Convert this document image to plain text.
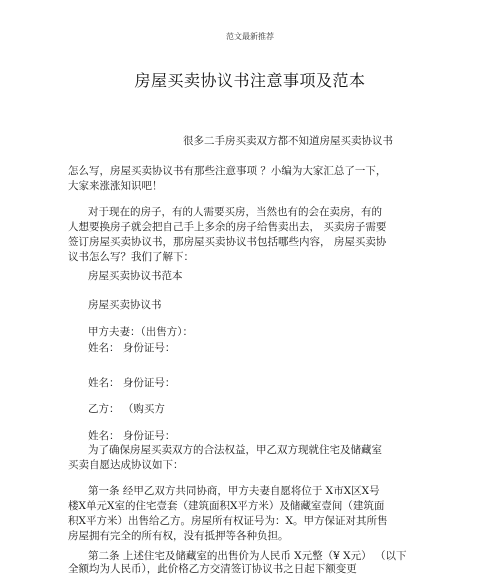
范文最新推荐
房屋买卖协议书注意事项及范本
很多二手房买卖双方都不知道房屋买卖协议书
怎么写，房屋买卖协议书有那些注意事项 ？小编为大家汇总了一下，
大家来涨涨知识吧！
对于现在的房子，有的人需要买房，当然也有的会在卖房，有的
人想要换房子就会把自己手上多余的房子给售卖出去， 买卖房子需要
签订房屋买卖协议书，那房屋买卖协议书包括哪些内容， 房屋买卖协
议书怎么写？我们了解下：
房屋买卖协议书范本
房屋买卖协议书
甲方夫妻：（出售方）：
姓名： 身份证号：
姓名： 身份证号：
乙方： （购买方
姓名： 身份证号：
为了确保房屋买卖双方的合法权益，甲乙双方现就住宅及储藏室
买卖自愿达成协议如下：
第一条 经甲乙双方共同协商，甲方夫妻自愿将位于 X市X区X号
楼X单元X室的住宅壹套（建筑面积X平方米）及储藏室壹间（建筑面
积X平方米）出售给乙方。房屋所有权证号为：X。甲方保证对其所售
房屋拥有完全的所有权，没有抵押等各种负担。
第二条 上述住宅及储藏室的出售价为人民币 X元整（¥ X元） （以下
全额均为人民币），此价格乙方交清签订协议书之日起下额变更
